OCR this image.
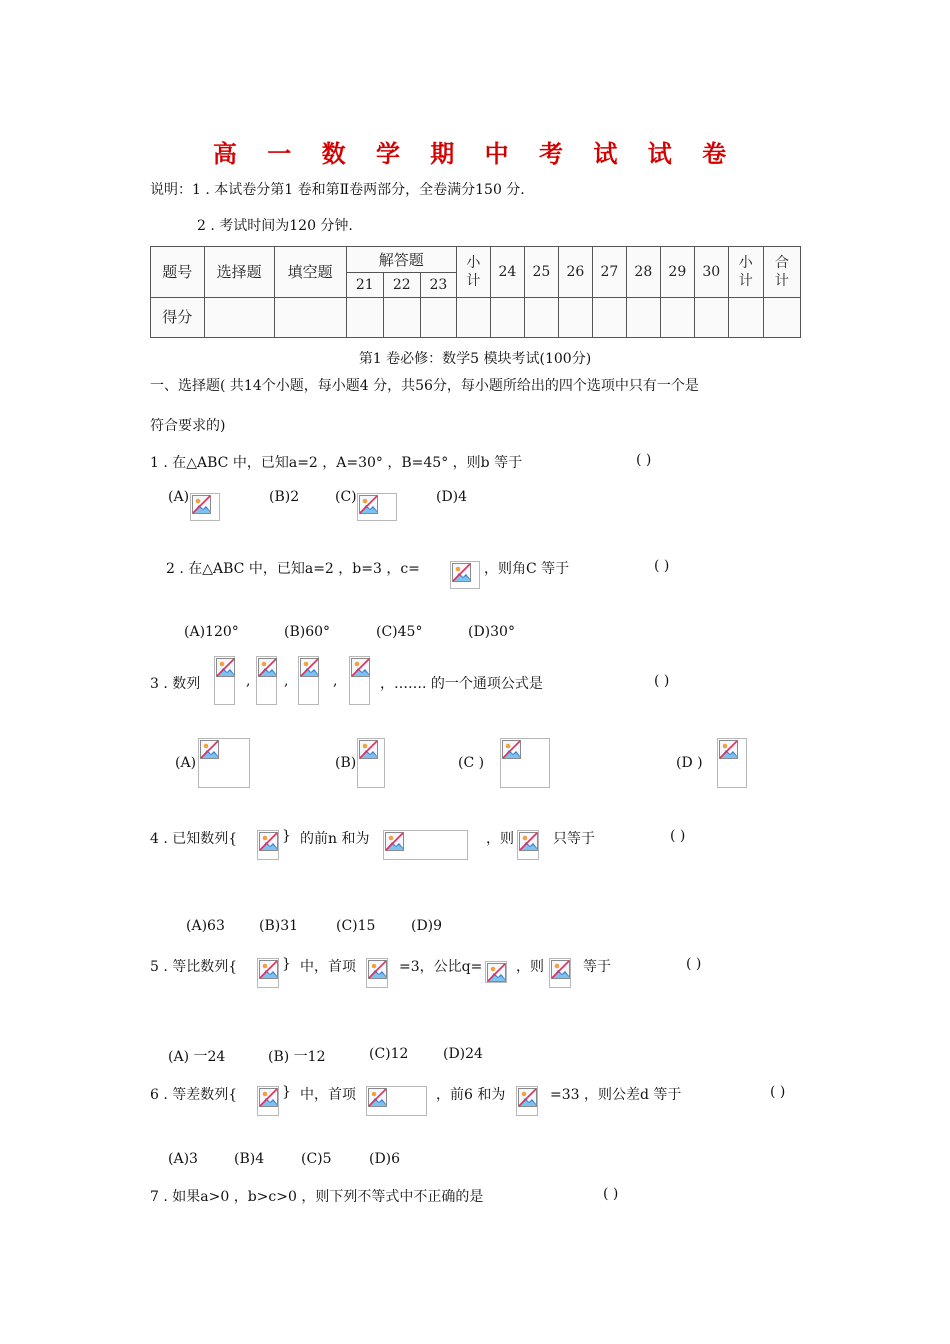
高 一 数 学 期 中 考 试 试 卷
说明：1 . 本试卷分第1 卷和第Ⅱ卷两部分，全卷满分150 分.
2 . 考试时间为120 分钟.
题号	选择题	填空题	解答题			小计	24	25	26	27	28	29	30	小计	合计
			21	22	23										
得分															
第1 卷必修：数学5 模块考试(100分)
一、选择题( 共14个小题，每小题4 分，共56分，每小题所给出的四个选项中只有一个是
符合要求的)
1 . 在△ABC 中，已知a=2 ，A=30° ，B=45° ，则b 等于	( )
(A)	(B)2	(C)	(D)4
2 . 在△ABC 中，已知a=2 ，b=3 ，c=	，则角C 等于	( )
(A)120°	(B)60°	(C)45°	(D)30°
3 . 数列	, ,	,	，……. 的一个通项公式是	( )
(A)	(B)	(C )	(D )
4 . 已知数列{	} 的前n 和为	，则	只等于	( )
(A)63 (B)31	(C)15	(D)9
5 . 等比数列{	} 中，首项	=3，公比q= ，则	等于	( )
(A) 一24	(B) 一12	(C)12 (D)24
6 . 等差数列{	} 中，首项	，前6 和为	=33 ，则公差d 等于	( )
(A)3	(B)4	(C)5	(D)6
7 . 如果a>0 ，b>c>0 ，则下列不等式中不正确的是	( )
